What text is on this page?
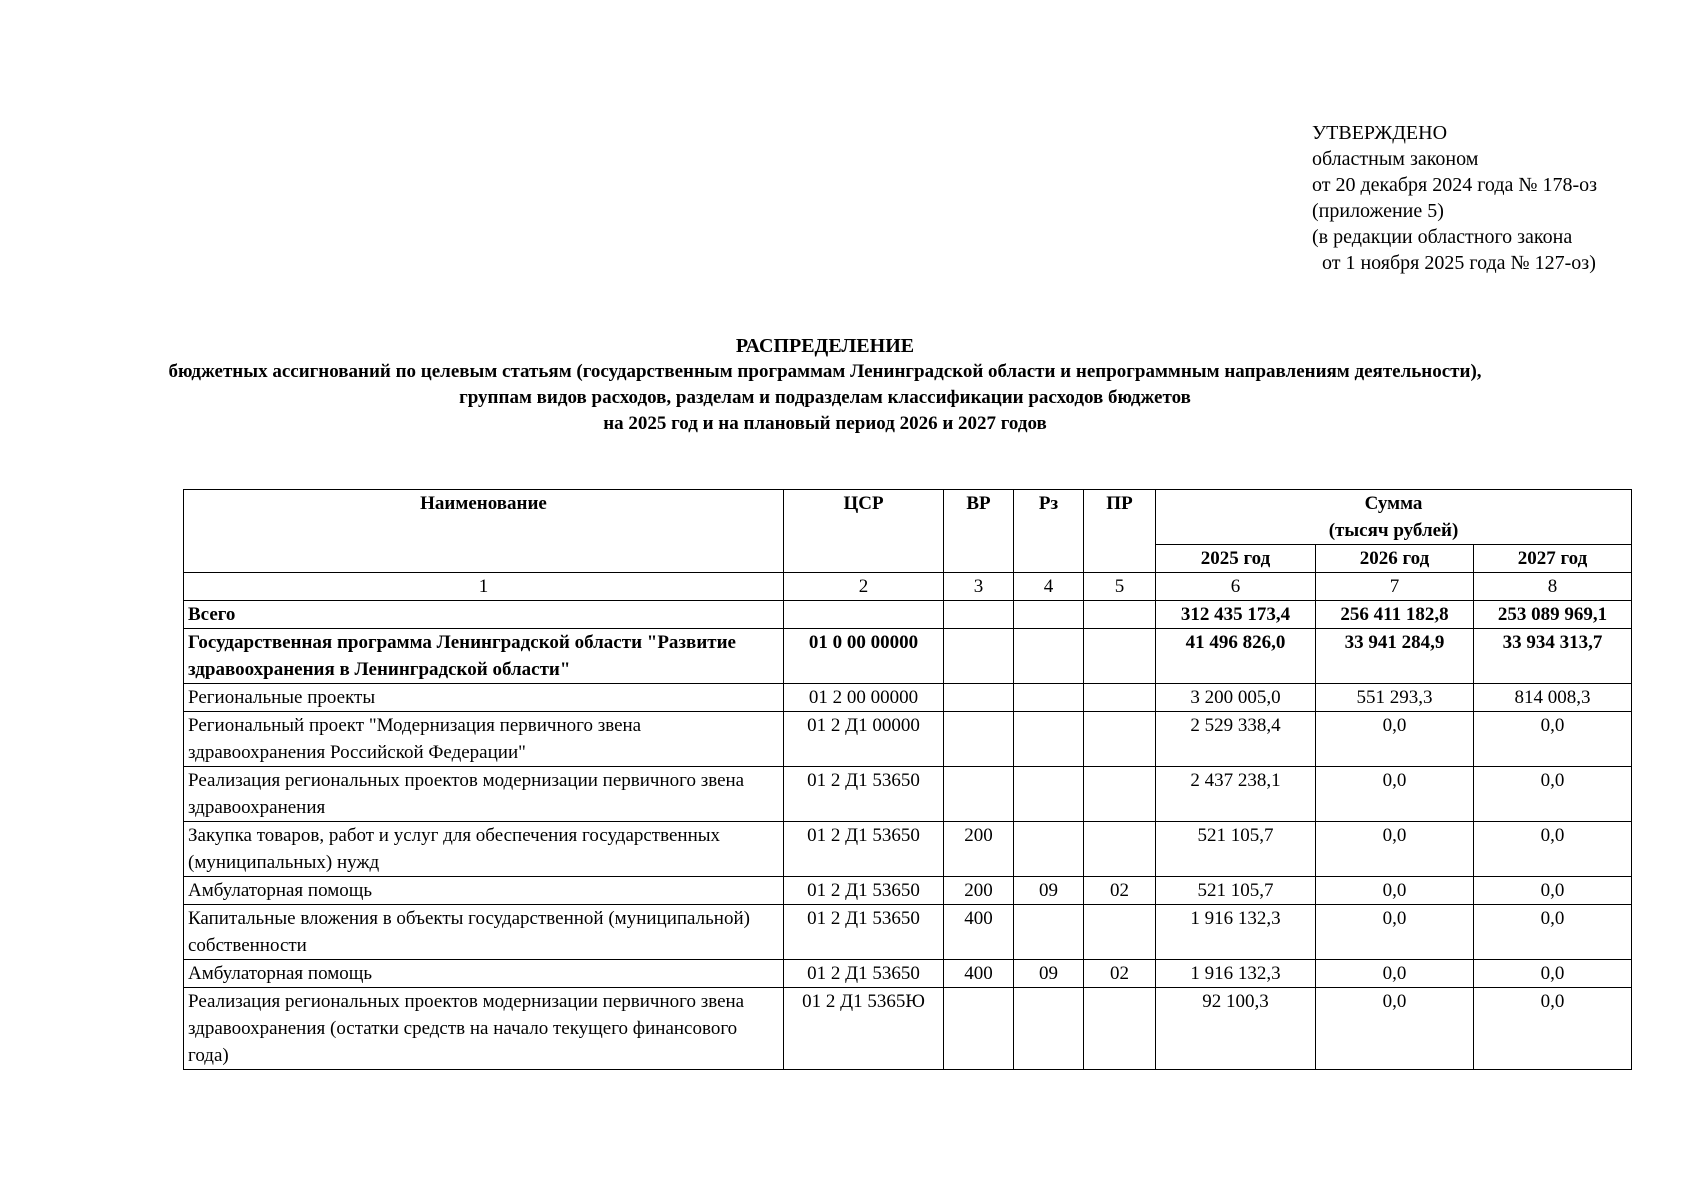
УТВЕРЖДЕНО
областным законом
от 20 декабря 2024 года № 178-оз
(приложение 5)
(в редакции областного закона
от 1 ноября 2025 года № 127-оз)
РАСПРЕДЕЛЕНИЕ
бюджетных ассигнований по целевым статьям (государственным программам Ленинградской области и непрограммным направлениям деятельности),
группам видов расходов, разделам и подразделам классификации расходов бюджетов
на 2025 год и на плановый период 2026 и 2027 годов
Наименование	ЦСР	ВР	Рз	ПР	Сумма
(тысяч рублей)		

					2025 год	2026 год	2027 год
1	2	3	4	5	6	7	8
Всего					312 435 173,4	256 411 182,8	253 089 969,1
Государственная программа Ленинградской области "Развитие здравоохранения в Ленинградской области"	01 0 00 00000				41 496 826,0	33 941 284,9	33 934 313,7
Региональные проекты	01 2 00 00000				3 200 005,0	551 293,3	814 008,3
Региональный проект "Модернизация первичного звена здравоохранения Российской Федерации"	01 2 Д1 00000				2 529 338,4	0,0	0,0
Реализация региональных проектов модернизации первичного звена здравоохранения	01 2 Д1 53650				2 437 238,1	0,0	0,0
Закупка товаров, работ и услуг для обеспечения государственных (муниципальных) нужд	01 2 Д1 53650	200			521 105,7	0,0	0,0
Амбулаторная помощь	01 2 Д1 53650	200	09	02	521 105,7	0,0	0,0
Капитальные вложения в объекты государственной (муниципальной) собственности	01 2 Д1 53650	400			1 916 132,3	0,0	0,0
Амбулаторная помощь	01 2 Д1 53650	400	09	02	1 916 132,3	0,0	0,0
Реализация региональных проектов модернизации первичного звена здравоохранения (остатки средств на начало текущего финансового года)	01 2 Д1 5365Ю				92 100,3	0,0	0,0
